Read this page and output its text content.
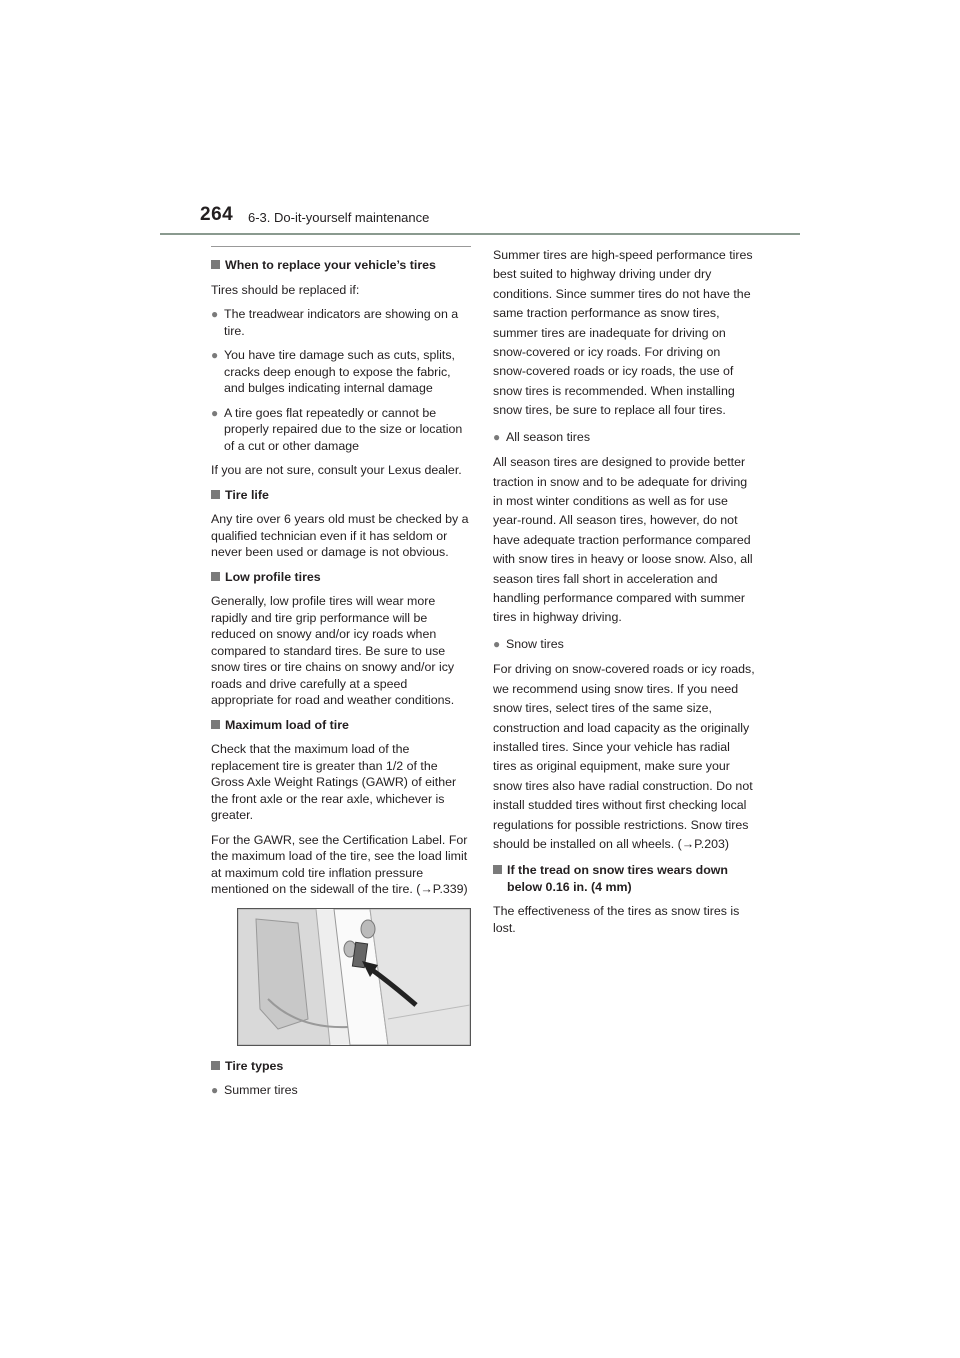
264 6-3. Do-it-yourself maintenance
When to replace your vehicle’s tires

Tires should be replaced if:

● The treadwear indicators are showing on a tire.
● You have tire damage such as cuts, splits, cracks deep enough to expose the fabric, and bulges indicating internal damage
● A tire goes flat repeatedly or cannot be properly repaired due to the size or location of a cut or other damage

If you are not sure, consult your Lexus dealer.

Tire life

Any tire over 6 years old must be checked by a qualified technician even if it has seldom or never been used or damage is not obvious.

Low profile tires

Generally, low profile tires will wear more rapidly and tire grip performance will be reduced on snowy and/or icy roads when compared to standard tires. Be sure to use snow tires or tire chains on snowy and/or icy roads and drive carefully at a speed appropriate for road and weather conditions.

Maximum load of tire

Check that the maximum load of the replacement tire is greater than 1/2 of the Gross Axle Weight Ratings (GAWR) of either the front axle or the rear axle, whichever is greater.

For the GAWR, see the Certification Label. For the maximum load of the tire, see the load limit at maximum cold tire inflation pressure mentioned on the sidewall of the tire. (→P.339)

Tire types
● Summer tires

Summer tires are high-speed performance tires best suited to highway driving under dry conditions. Since summer tires do not have the same traction performance as snow tires, summer tires are inadequate for driving on snow-covered or icy roads. For driving on snow-covered roads or icy roads, the use of snow tires is recommended. When installing snow tires, be sure to replace all four tires.

● All season tires

All season tires are designed to provide better traction in snow and to be adequate for driving in most winter conditions as well as for use year-round. All season tires, however, do not have adequate traction performance compared with snow tires in heavy or loose snow. Also, all season tires fall short in acceleration and handling performance compared with summer tires in highway driving.

● Snow tires

For driving on snow-covered roads or icy roads, we recommend using snow tires. If you need snow tires, select tires of the same size, construction and load capacity as the originally installed tires. Since your vehicle has radial tires as original equipment, make sure your snow tires also have radial construction. Do not install studded tires without first checking local regulations for possible restrictions. Snow tires should be installed on all wheels. (→P.203)

If the tread on snow tires wears down below 0.16 in. (4 mm)

The effectiveness of the tires as snow tires is lost.
